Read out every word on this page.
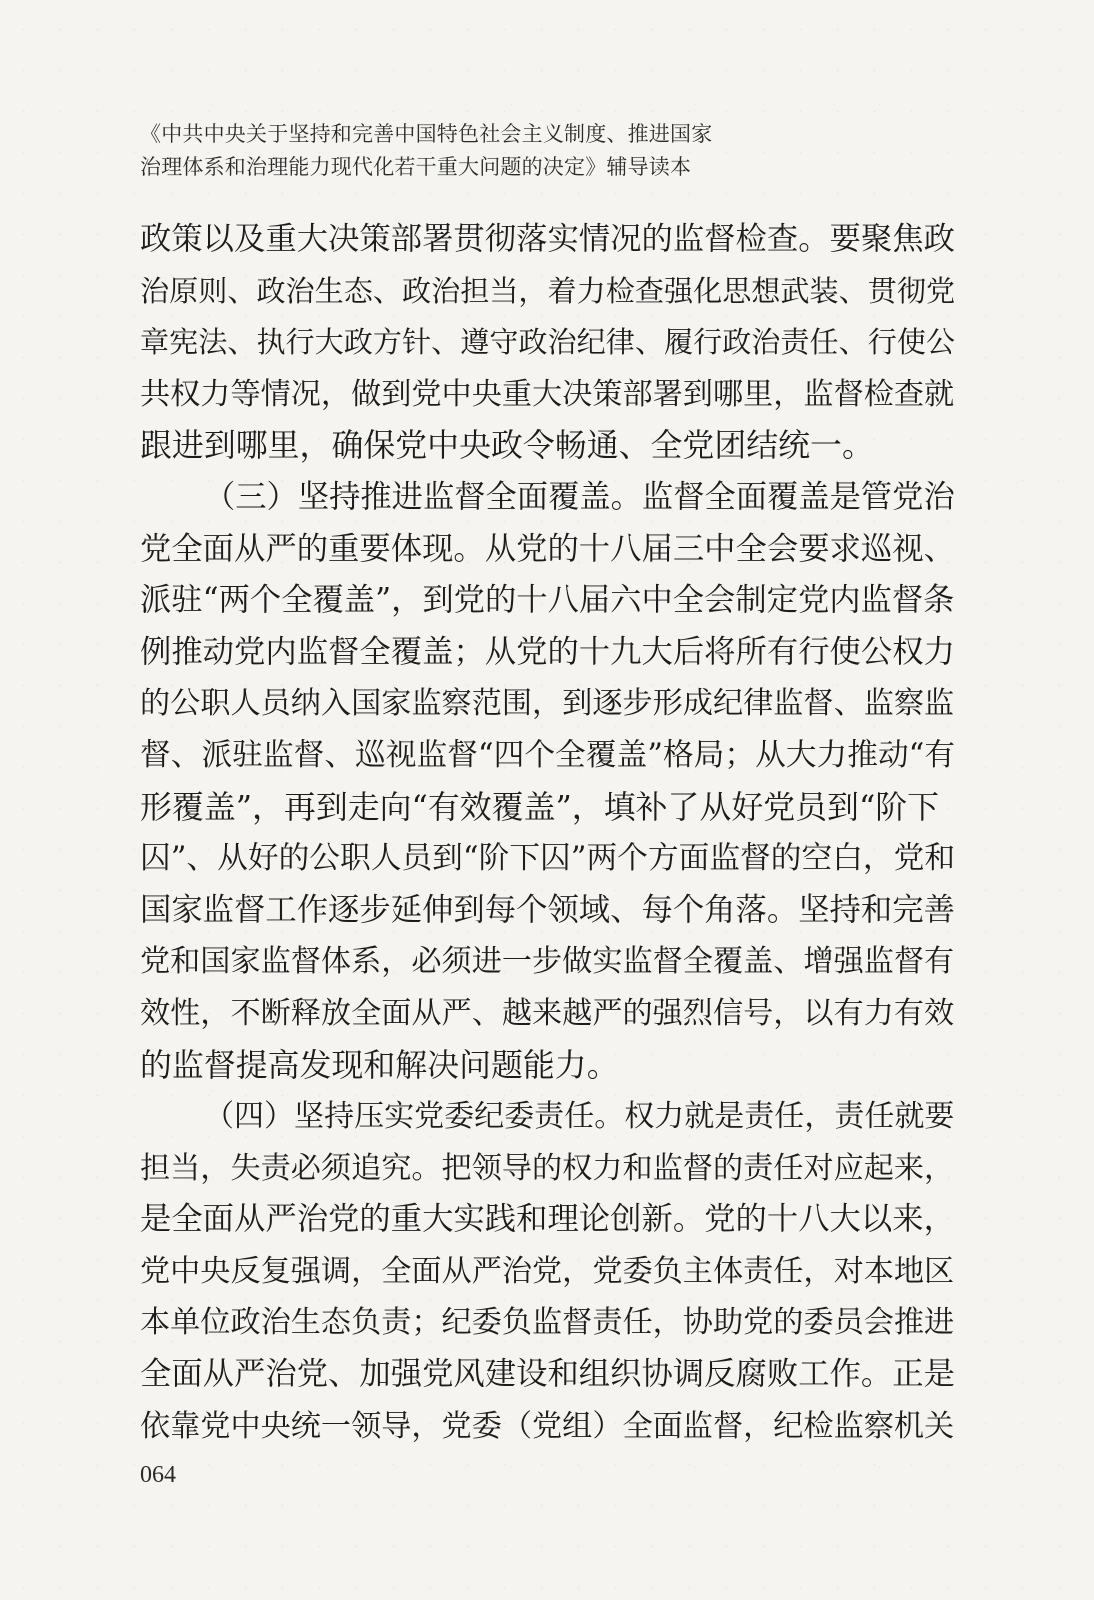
《中共中央关于坚持和完善中国特色社会主义制度、推进国家
治理体系和治理能力现代化若干重大问题的决定》辅导读本
政策以及重大决策部署贯彻落实情况的监督检查。要聚焦政
治原则、政治生态、政治担当，着力检查强化思想武装、贯彻党
章宪法、执行大政方针、遵守政治纪律、履行政治责任、行使公
共权力等情况，做到党中央重大决策部署到哪里，监督检查就
跟进到哪里，确保党中央政令畅通、全党团结统一。
（三）坚持推进监督全面覆盖。监督全面覆盖是管党治
党全面从严的重要体现。从党的十八届三中全会要求巡视、
派驻“两个全覆盖”，到党的十八届六中全会制定党内监督条
例推动党内监督全覆盖；从党的十九大后将所有行使公权力
的公职人员纳入国家监察范围，到逐步形成纪律监督、监察监
督、派驻监督、巡视监督“四个全覆盖”格局；从大力推动“有
形覆盖”，再到走向“有效覆盖”，填补了从好党员到“阶下
囚”、从好的公职人员到“阶下囚”两个方面监督的空白，党和
国家监督工作逐步延伸到每个领域、每个角落。坚持和完善
党和国家监督体系，必须进一步做实监督全覆盖、增强监督有
效性，不断释放全面从严、越来越严的强烈信号，以有力有效
的监督提高发现和解决问题能力。
（四）坚持压实党委纪委责任。权力就是责任，责任就要
担当，失责必须追究。把领导的权力和监督的责任对应起来，
是全面从严治党的重大实践和理论创新。党的十八大以来，
党中央反复强调，全面从严治党，党委负主体责任，对本地区
本单位政治生态负责；纪委负监督责任，协助党的委员会推进
全面从严治党、加强党风建设和组织协调反腐败工作。正是
依靠党中央统一领导，党委（党组）全面监督，纪检监察机关
064
